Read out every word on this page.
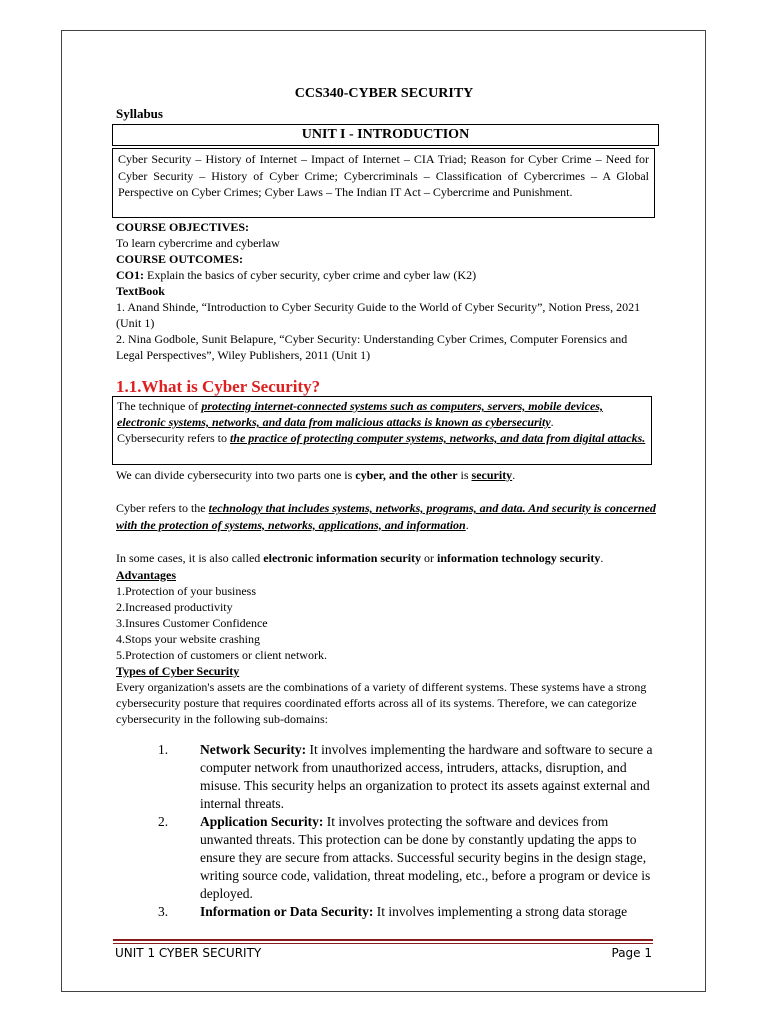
CCS340-CYBER SECURITY
Syllabus
UNIT I - INTRODUCTION
Cyber Security – History of Internet – Impact of Internet – CIA Triad; Reason for Cyber Crime – Need for Cyber Security – History of Cyber Crime; Cybercriminals – Classification of Cybercrimes – A Global Perspective on Cyber Crimes; Cyber Laws – The Indian IT Act – Cybercrime and Punishment.
COURSE OBJECTIVES:
To learn cybercrime and cyberlaw
COURSE OUTCOMES:
CO1: Explain the basics of cyber security, cyber crime and cyber law (K2)
TextBook
1. Anand Shinde, “Introduction to Cyber Security Guide to the World of Cyber Security”, Notion Press, 2021 (Unit 1)
2. Nina Godbole, Sunit Belapure, “Cyber Security: Understanding Cyber Crimes, Computer Forensics and Legal Perspectives”, Wiley Publishers, 2011 (Unit 1)
1.1.What is Cyber Security?
The technique of protecting internet-connected systems such as computers, servers, mobile devices, electronic systems, networks, and data from malicious attacks is known as cybersecurity.
Cybersecurity refers to the practice of protecting computer systems, networks, and data from digital attacks.
We can divide cybersecurity into two parts one is cyber, and the other is security.
Cyber refers to the technology that includes systems, networks, programs, and data. And security is concerned with the protection of systems, networks, applications, and information.
In some cases, it is also called electronic information security or information technology security.
Advantages
1.Protection of your business
2.Increased productivity
3.Insures Customer Confidence
4.Stops your website crashing
5.Protection of customers or client network.
Types of Cyber Security
Every organization's assets are the combinations of a variety of different systems. These systems have a strong cybersecurity posture that requires coordinated efforts across all of its systems. Therefore, we can categorize cybersecurity in the following sub-domains:
1.	Network Security: It involves implementing the hardware and software to secure a computer network from unauthorized access, intruders, attacks, disruption, and misuse. This security helps an organization to protect its assets against external and internal threats.
2.	Application Security: It involves protecting the software and devices from unwanted threats. This protection can be done by constantly updating the apps to ensure they are secure from attacks. Successful security begins in the design stage, writing source code, validation, threat modeling, etc., before a program or device is deployed.
3.	Information or Data Security: It involves implementing a strong data storage
UNIT 1 CYBER SECURITY	Page 1
